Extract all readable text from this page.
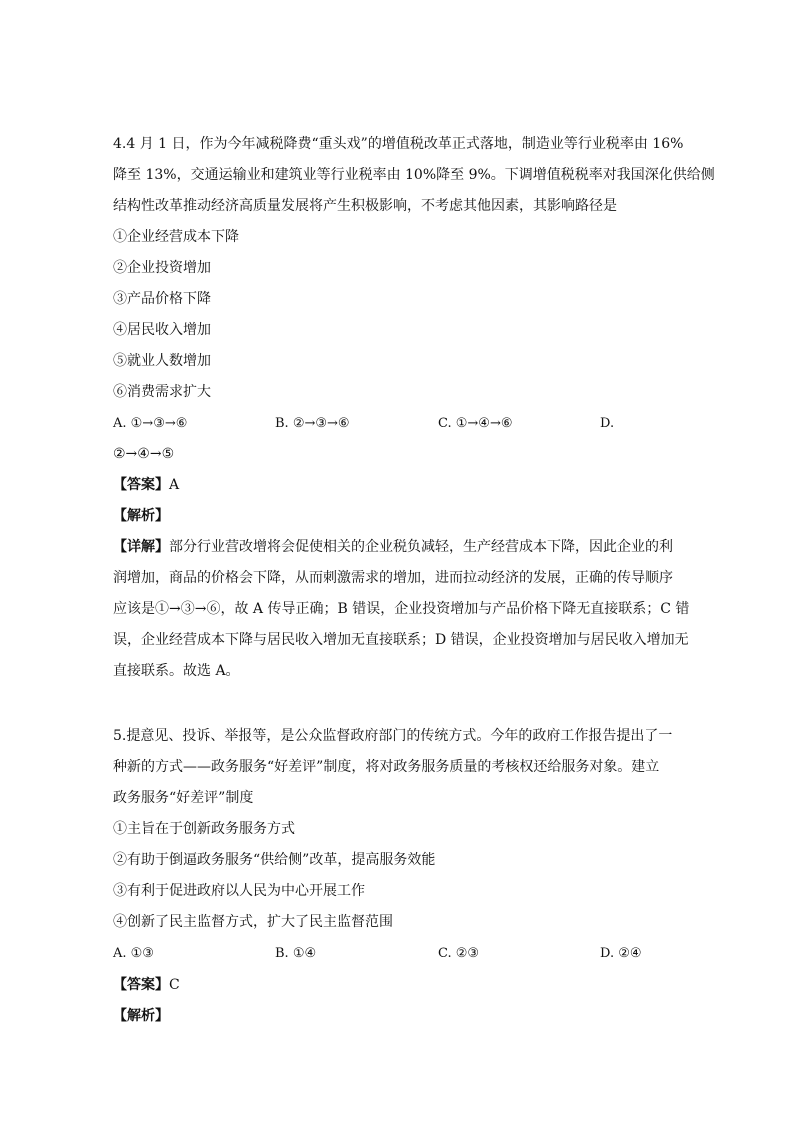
4.4 月 1 日，作为今年减税降费“重头戏”的增值税改革正式落地，制造业等行业税率由 16%
降至 13%，交通运输业和建筑业等行业税率由 10%降至 9%。下调增值税税率对我国深化供给侧
结构性改革推动经济高质量发展将产生积极影响，不考虑其他因素，其影响路径是
①企业经营成本下降
②企业投资增加
③产品价格下降
④居民收入增加
⑤就业人数增加
⑥消费需求扩大
A. ①→③→⑥	B. ②→③→⑥	C. ①→④→⑥	D.
②→④→⑤
【答案】A
【解析】
【详解】部分行业营改增将会促使相关的企业税负减轻，生产经营成本下降，因此企业的利
润增加，商品的价格会下降，从而刺激需求的增加，进而拉动经济的发展，正确的传导顺序
应该是①→③→⑥，故 A 传导正确；B 错误，企业投资增加与产品价格下降无直接联系；C 错
误，企业经营成本下降与居民收入增加无直接联系；D 错误，企业投资增加与居民收入增加无
直接联系。故选 A。
5.提意见、投诉、举报等，是公众监督政府部门的传统方式。今年的政府工作报告提出了一
种新的方式——政务服务“好差评”制度，将对政务服务质量的考核权还给服务对象。建立
政务服务“好差评”制度
①主旨在于创新政务服务方式
②有助于倒逼政务服务“供给侧”改革，提高服务效能
③有利于促进政府以人民为中心开展工作
④创新了民主监督方式，扩大了民主监督范围
A. ①③	B. ①④	C. ②③	D. ②④
【答案】C
【解析】
